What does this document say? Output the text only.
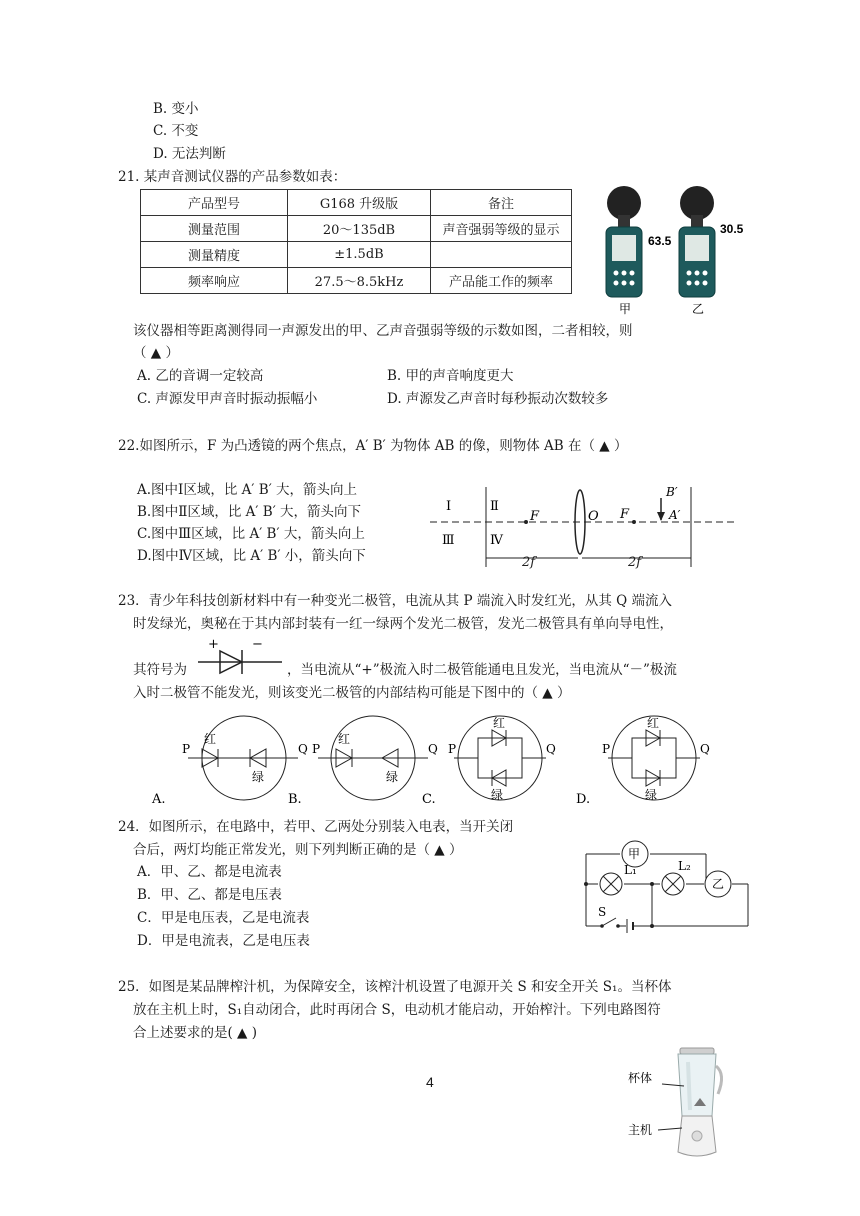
B. 变小
C. 不变
D. 无法判断
21. 某声音测试仪器的产品参数如表：
产品型号	G168 升级版	备注
测量范围	20～135dB	声音强弱等级的显示
测量精度	±1.5dB	
频率响应	27.5～8.5kHz	产品能工作的频率
63.5
30.5
甲	乙
该仪器相等距离测得同一声源发出的甲、乙声音强弱等级的示数如图，二者相较，则
（ ▲ ）
A. 乙的音调一定较高	B. 甲的声音响度更大
C. 声源发甲声音时振动振幅小	D. 声源发乙声音时每秒振动次数较多
22.如图所示，F 为凸透镜的两个焦点，A′ B′ 为物体 AB 的像，则物体 AB 在（ ▲ ）
A.图中Ⅰ区域，比 A′ B′ 大，箭头向上
B.图中Ⅱ区域，比 A′ B′ 大，箭头向下
C.图中Ⅲ区域，比 A′ B′ 大，箭头向上
D.图中Ⅳ区域，比 A′ B′ 小，箭头向下
Ⅰ	Ⅱ
Ⅲ	Ⅳ
F	O F
B′
A′
2f	2f
23．青少年科技创新材料中有一种变光二极管，电流从其 P 端流入时发红光，从其 Q 端流入
时发绿光，奥秘在于其内部封装有一红一绿两个发光二极管，发光二极管具有单向导电性，
其符号为
+	−
，当电流从“+”极流入时二极管能通电且发光，当电流从“－”极流
入时二极管不能发光，则该变光二极管的内部结构可能是下图中的（ ▲ ）
P	Q
红
绿
A.
P	Q
红
绿
B.
P	Q
红
绿
C.
P	Q
红
绿
D.
24．如图所示，在电路中，若甲、乙两处分别装入电表，当开关闭
合后，两灯均能正常发光，则下列判断正确的是（ ▲ ）
A．甲、乙、都是电流表
B．甲、乙、都是电压表
C．甲是电压表，乙是电流表
D．甲是电流表，乙是电压表
甲
乙
L₁	L₂
S
25．如图是某品牌榨汁机，为保障安全，该榨汁机设置了电源开关 S 和安全开关 S₁。当杯体
放在主机上时，S₁自动闭合，此时再闭合 S，电动机才能启动，开始榨汁。下列电路图符
合上述要求的是( ▲ )
杯体
主机
4
